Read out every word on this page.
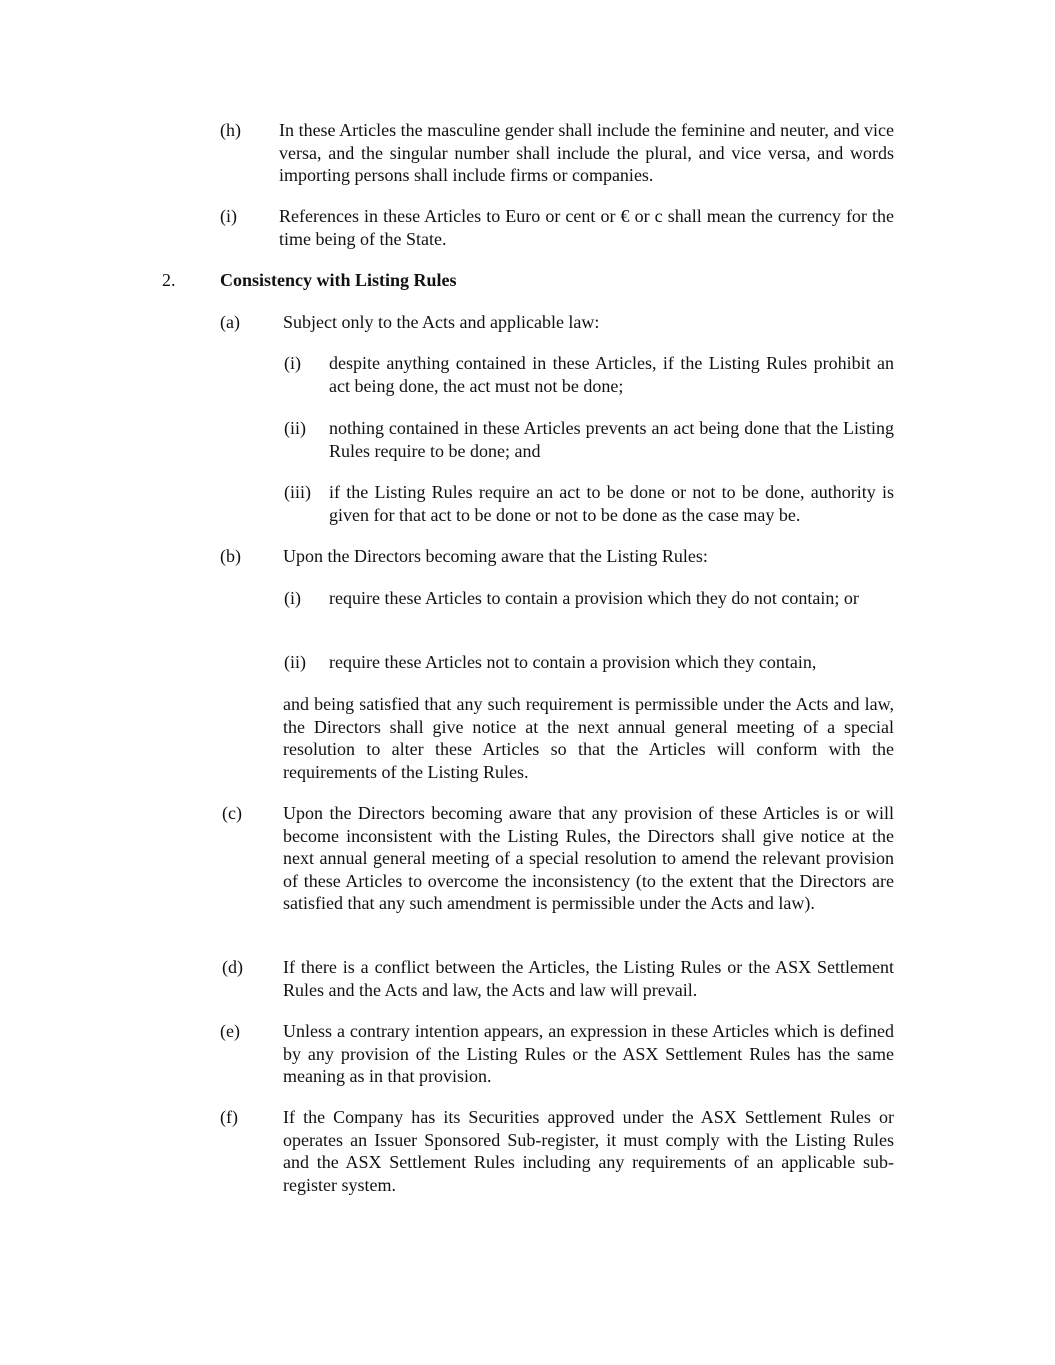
(h) In these Articles the masculine gender shall include the feminine and neuter, and vice versa, and the singular number shall include the plural, and vice versa, and words importing persons shall include firms or companies.
(i) References in these Articles to Euro or cent or € or c shall mean the currency for the time being of the State.
2. Consistency with Listing Rules
(a) Subject only to the Acts and applicable law:
(i) despite anything contained in these Articles, if the Listing Rules prohibit an act being done, the act must not be done;
(ii) nothing contained in these Articles prevents an act being done that the Listing Rules require to be done; and
(iii) if the Listing Rules require an act to be done or not to be done, authority is given for that act to be done or not to be done as the case may be.
(b) Upon the Directors becoming aware that the Listing Rules:
(i) require these Articles to contain a provision which they do not contain; or
(ii) require these Articles not to contain a provision which they contain,
and being satisfied that any such requirement is permissible under the Acts and law, the Directors shall give notice at the next annual general meeting of a special resolution to alter these Articles so that the Articles will conform with the requirements of the Listing Rules.
(c) Upon the Directors becoming aware that any provision of these Articles is or will become inconsistent with the Listing Rules, the Directors shall give notice at the next annual general meeting of a special resolution to amend the relevant provision of these Articles to overcome the inconsistency (to the extent that the Directors are satisfied that any such amendment is permissible under the Acts and law).
(d) If there is a conflict between the Articles, the Listing Rules or the ASX Settlement Rules and the Acts and law, the Acts and law will prevail.
(e) Unless a contrary intention appears, an expression in these Articles which is defined by any provision of the Listing Rules or the ASX Settlement Rules has the same meaning as in that provision.
(f)	If the Company has its Securities approved under the ASX Settlement Rules or operates an Issuer Sponsored Sub-register, it must comply with the Listing Rules and the ASX Settlement Rules including any requirements of an applicable sub-register system.
